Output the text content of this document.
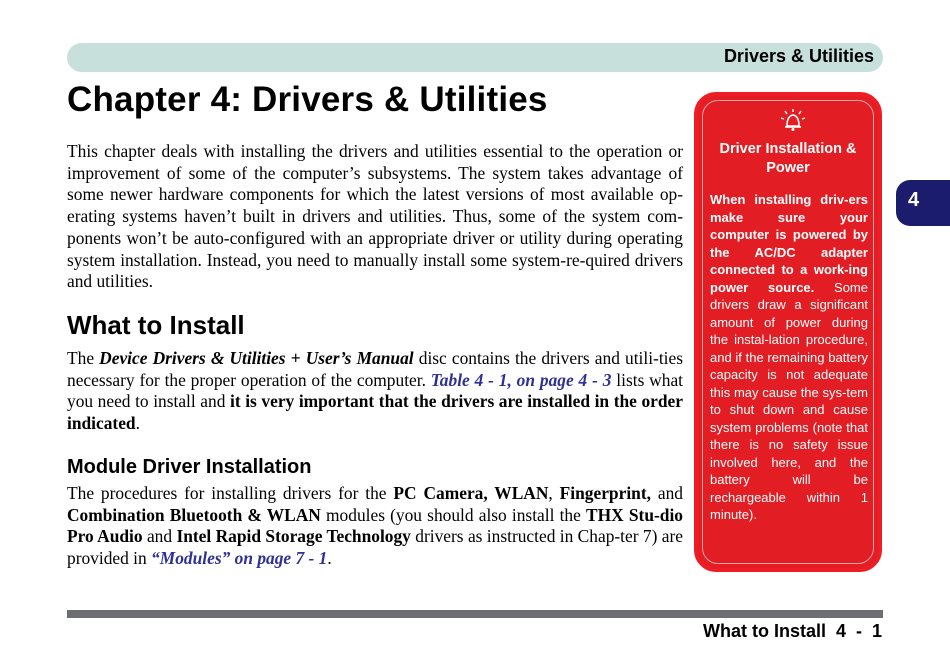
Drivers & Utilities
4
Chapter 4: Drivers & Utilities

This chapter deals with installing the drivers and utilities essential to the operation or improvement of some of the computer’s subsystems. The system takes advantage of some newer hardware components for which the latest versions of most available op-erating systems haven’t built in drivers and utilities. Thus, some of the system com-ponents won’t be auto-configured with an appropriate driver or utility during operating system installation. Instead, you need to manually install some system-re-quired drivers and utilities.

What to Install

The Device Drivers & Utilities + User’s Manual disc contains the drivers and utili-ties necessary for the proper operation of the computer. Table 4 - 1, on page 4 - 3 lists what you need to install and it is very important that the drivers are installed in the order indicated.

Module Driver Installation

The procedures for installing drivers for the PC Camera, WLAN, Fingerprint, and Combination Bluetooth & WLAN modules (you should also install the THX Stu-dio Pro Audio and Intel Rapid Storage Technology drivers as instructed in Chap-ter 7) are provided in “Modules” on page 7 - 1.

Driver Installation & Power
When installing driv-ers make sure your computer is powered by the AC/DC adapter connected to a work-ing power source. Some drivers draw a significant amount of power during the instal-lation procedure, and if the remaining battery capacity is not adequate this may cause the sys-tem to shut down and cause system problems (note that there is no safety issue involved here, and the battery will be rechargeable within 1 minute).
What to Install  4  -  1
